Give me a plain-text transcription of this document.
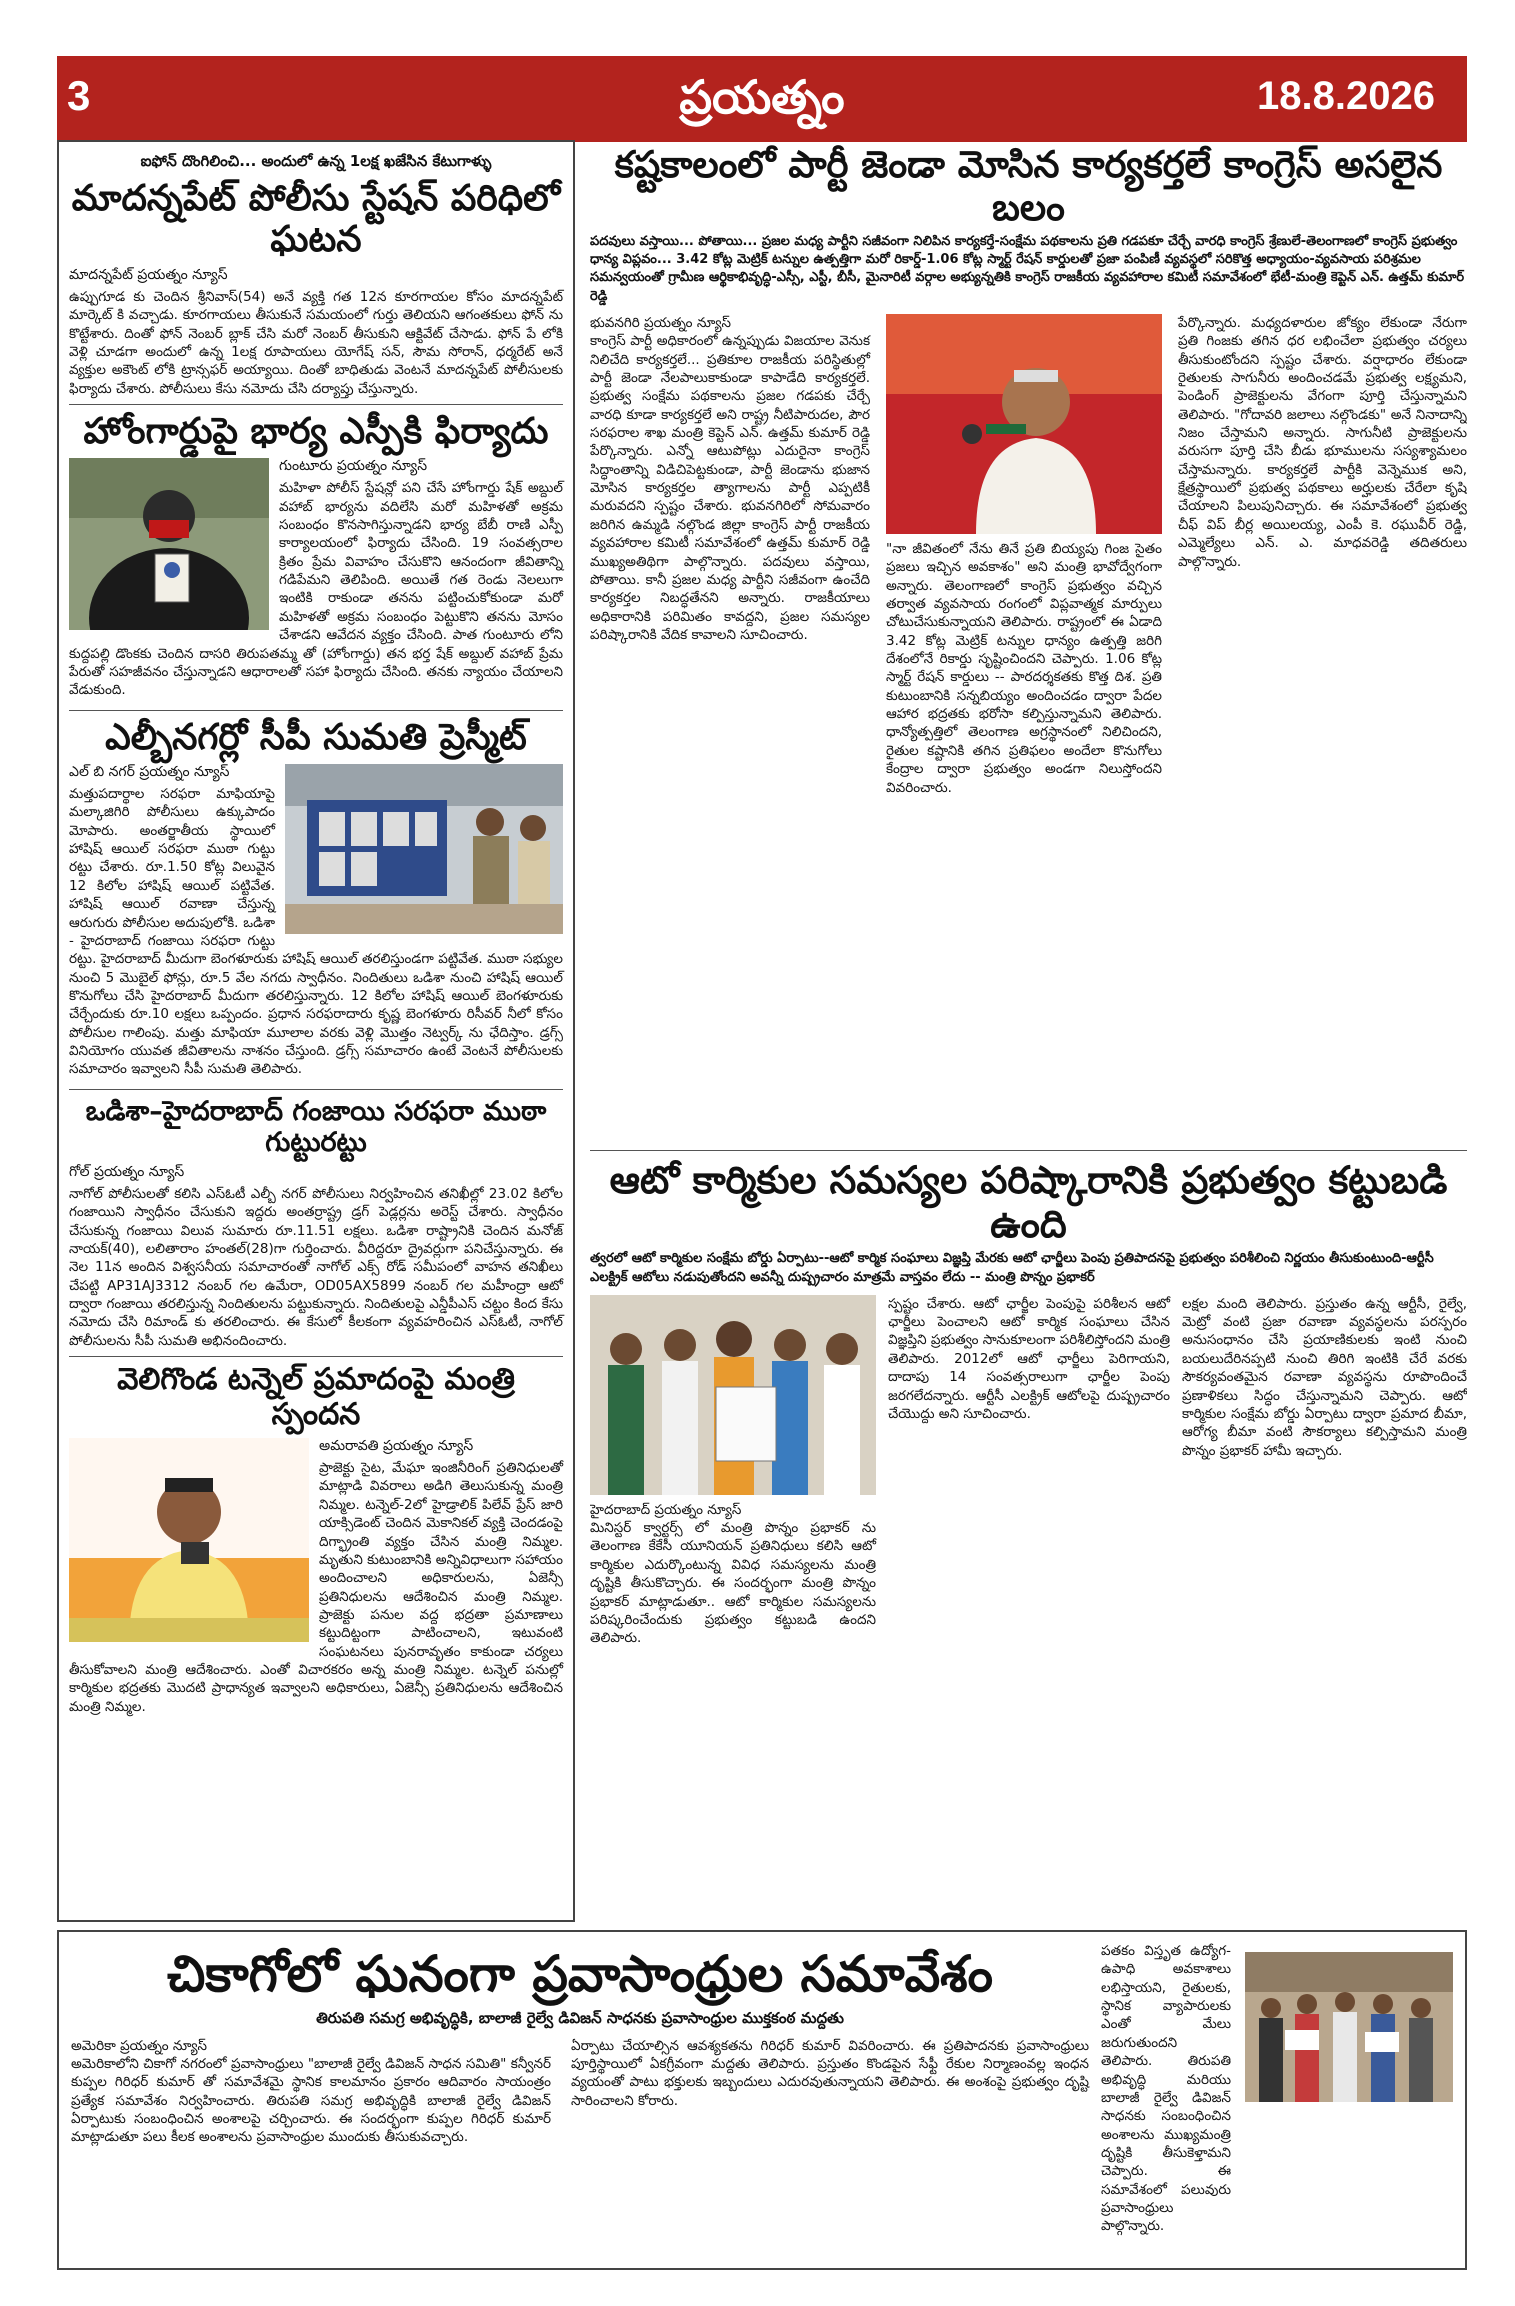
3	ప్రయత్నం	18.8.2026
ఐఫోన్ దొంగిలించి... అందులో ఉన్న 1లక్ష ఖజేసిన కేటుగాళ్ళు
మాదన్నపేట్ పోలీసు స్టేషన్ పరిధిలో ఘటన
మాదన్నపేట్ ప్రయత్నం న్యూస్

ఉప్పుగూడ కు చెందిన శ్రీనివాస్(54) అనే వ్యక్తి గత 12న కూరగాయల కోసం మాదన్నపేట్ మార్కెట్ కి వచ్చాడు. కూరగాయలు తీసుకునే సమయంలో గుర్తు తెలియని ఆగంతకులు ఫోన్ ను కొట్టేశారు. దింతో ఫోన్ నెంబర్ బ్లాక్ చేసి మరో నెంబర్ తీసుకుని ఆక్టివేట్ చేసాడు. ఫోన్ పే లోకి వెళ్లి చూడగా అందులో ఉన్న 1లక్ష రూపాయలు యోగేష్ సన్, సౌమ సోరాన్, ధర్మరేట్ అనే వ్యక్తుల అకౌంట్ లోకి ట్రాన్సఫర్ అయ్యాయి. దింతో బాధితుడు వెంటనే మాదన్నపేట్ పోలీసులకు ఫిర్యాదు చేశారు. పోలీసులు కేసు నమోదు చేసి దర్యాప్తు చేస్తున్నారు.

హోంగార్డుపై భార్య ఎస్పీకి ఫిర్యాదు
గుంటూరు ప్రయత్నం న్యూస్

మహిళా పోలీస్ స్టేషన్లో పని చేసే హోంగార్డు షేక్ అబ్దుల్ వహాబ్ భార్యను వదిలేసి మరో మహిళతో అక్రమ సంబంధం కొనసాగిస్తున్నాడని భార్య బేబీ రాణి ఎస్పీ కార్యాలయంలో ఫిర్యాదు చేసింది. 19 సంవత్సరాల క్రితం ప్రేమ వివాహం చేసుకొని ఆనందంగా జీవితాన్ని గడిపేమని తెలిపింది. అయితే గత రెండు నెలలుగా ఇంటికి రాకుండా తనను పట్టించుకోకుండా మరో మహిళతో అక్రమ సంబంధం పెట్టుకొని తనను మోసం చేశాడని ఆవేదన వ్యక్తం చేసింది. పాత గుంటూరు లోని కుద్దపల్లి డొంకకు చెందిన దాసరి తిరుపతమ్మ తో (హోంగార్డు) తన భర్త షేక్ అబ్దుల్ వహాబ్ ప్రేమ పేరుతో సహజీవనం చేస్తున్నాడని ఆధారాలతో సహా ఫిర్యాదు చేసింది. తనకు న్యాయం చేయాలని వేడుకుంది.

ఎల్బీనగర్లో సీపీ సుమతి ప్రెస్మీట్
ఎల్ బి నగర్ ప్రయత్నం న్యూస్

మత్తుపదార్థాల సరఫరా మాఫియాపై మల్కాజిగిరి పోలీసులు ఉక్కుపాదం మోపారు. అంతర్జాతీయ స్థాయిలో హాషిష్ ఆయిల్ సరఫరా ముఠా గుట్టు రట్టు చేశారు. రూ.1.50 కోట్ల విలువైన 12 కిలోల హాషిష్ ఆయిల్ పట్టివేత. హాషిష్ ఆయిల్ రవాణా చేస్తున్న ఆరుగురు పోలీసుల అదుపులోకి. ఒడిశా - హైదరాబాద్ గంజాయి సరఫరా గుట్టు రట్టు. హైదరాబాద్ మీదుగా బెంగళూరుకు హాషిష్ ఆయిల్ తరలిస్తుండగా పట్టివేత. ముఠా సభ్యుల నుంచి 5 మొబైల్ ఫోన్లు, రూ.5 వేల నగదు స్వాధీనం. నిందితులు ఒడిశా నుంచి హాషిష్ ఆయిల్ కొనుగోలు చేసి హైదరాబాద్ మీదుగా తరలిస్తున్నారు. 12 కిలోల హాషిష్ ఆయిల్ బెంగళూరుకు చేర్చేందుకు రూ.10 లక్షలు ఒప్పందం. ప్రధాన సరఫరాదారు కృష్ణ బెంగళూరు రిసీవర్ నీలో కోసం పోలీసుల గాలింపు. మత్తు మాఫియా మూలాల వరకు వెళ్లి మొత్తం నెట్వర్క్ ను ఛేదిస్తాం. డ్రగ్స్ వినియోగం యువత జీవితాలను నాశనం చేస్తుంది. డ్రగ్స్ సమాచారం ఉంటే వెంటనే పోలీసులకు సమాచారం ఇవ్వాలని సీపీ సుమతి తెలిపారు.

ఒడిశా–హైదరాబాద్ గంజాయి సరఫరా ముఠా గుట్టురట్టు
గోల్ ప్రయత్నం న్యూస్

నాగోల్ పోలీసులతో కలిసి ఎస్ఓటీ ఎల్బీ నగర్ పోలీసులు నిర్వహించిన తనిఖీల్లో 23.02 కిలోల గంజాయిని స్వాధీనం చేసుకుని ఇద్దరు అంతర్రాష్ట్ర డ్రగ్ పెడ్లర్లను అరెస్ట్ చేశారు. స్వాధీనం చేసుకున్న గంజాయి విలువ సుమారు రూ.11.51 లక్షలు. ఒడిశా రాష్ట్రానికి చెందిన మనోజ్ నాయక్(40), లలితారాం హంతల్(28)గా గుర్తించారు. వీరిద్దరూ ద్రైవర్లుగా పనిచేస్తున్నారు. ఈ నెల 11న అందిన విశ్వసనీయ సమాచారంతో నాగోల్ ఎక్స్ రోడ్ సమీపంలో వాహన తనిఖీలు చేపట్టి AP31AJ3312 నంబర్ గల ఉమేరా, OD05AX5899 నంబర్ గల మహీంద్రా ఆటో ద్వారా గంజాయి తరలిస్తున్న నిందితులను పట్టుకున్నారు. నిందితులపై ఎన్డీపీఎస్ చట్టం కింద కేసు నమోదు చేసి రిమాండ్ కు తరలించారు. ఈ కేసులో కీలకంగా వ్యవహరించిన ఎస్ఓటీ, నాగోల్ పోలీసులను సీపీ సుమతి అభినందించారు.

వెలిగొండ టన్నెల్ ప్రమాదంపై మంత్రి స్పందన
అమరావతి ప్రయత్నం న్యూస్

ప్రాజెక్టు సైట, మేఘా ఇంజినీరింగ్ ప్రతినిధులతో మాట్లాడి వివరాలు అడిగి తెలుసుకున్న మంత్రి నిమ్మల. టన్నెల్-2లో హైడ్రాలిక్ పిలేవ్ ప్రేస్ జారి యాక్సిడెంట్ చెందిన మెకానికల్ వ్యక్తి చెందడంపై దిగ్భ్రాంతి వ్యక్తం చేసిన మంత్రి నిమ్మల. మృతుని కుటుంబానికి అన్నివిధాలుగా సహాయం అందించాలని అధికారులను, ఏజెన్సీ ప్రతినిధులను ఆదేశించిన మంత్రి నిమ్మల. ప్రాజెక్టు పనుల వద్ద భద్రతా ప్రమాణాలు కట్టుదిట్టంగా పాటించాలని, ఇటువంటి సంఘటనలు పునరావృతం కాకుండా చర్యలు తీసుకోవాలని మంత్రి ఆదేశించారు. ఎంతో విచారకరం అన్న మంత్రి నిమ్మల. టన్నెల్ పనుల్లో కార్మికుల భద్రతకు మొదటి ప్రాధాన్యత ఇవ్వాలని అధికారులు, ఏజెన్సీ ప్రతినిధులను ఆదేశించిన మంత్రి నిమ్మల.

కష్టకాలంలో పార్టీ జెండా మోసిన కార్యకర్తలే కాంగ్రెస్ అసలైన బలం
పదవులు వస్తాయి... పోతాయి... ప్రజల మధ్య పార్టీని సజీవంగా నిలిపిన కార్యకర్తే-సంక్షేమ పథకాలను ప్రతి గడపకూ చేర్చే వారధి కాంగ్రెస్ శ్రేణులే-తెలంగాణలో కాంగ్రెస్ ప్రభుత్వం ధాన్య విప్లవం... 3.42 కోట్ల మెట్రిక్ టన్నుల ఉత్పత్తిగా మరో రికార్డ్-1.06 కోట్ల స్మార్ట్ రేషన్ కార్డులతో ప్రజా పంపిణీ వ్యవస్థలో సరికొత్త అధ్యాయం-వ్యవసాయ పరిశ్రమల సమన్వయంతో గ్రామీణ ఆర్థికాభివృద్ధి-ఎస్సీ, ఎస్టీ, బీసీ, మైనారిటీ వర్గాల అభ్యున్నతికి కాంగ్రెస్ రాజకీయ వ్యవహారాల కమిటీ సమావేశంలో భేటీ-మంత్రి కెప్టెన్ ఎన్. ఉత్తమ్ కుమార్ రెడ్డి

భువనగిరి ప్రయత్నం న్యూస్
కాంగ్రెస్ పార్టీ అధికారంలో ఉన్నప్పుడు విజయాల వెనుక నిలిచేది కార్యకర్తలే... ప్రతికూల రాజకీయ పరిస్థితుల్లో పార్టీ జెండా నేలపాలుకాకుండా కాపాడేది కార్యకర్తలే. ప్రభుత్వ సంక్షేమ పథకాలను ప్రజల గడపకు చేర్చే వారధి కూడా కార్యకర్తలే అని రాష్ట్ర నీటిపారుదల, పౌర సరఫరాల శాఖ మంత్రి కెప్టెన్ ఎన్. ఉత్తమ్ కుమార్ రెడ్డి పేర్కొన్నారు. ఎన్నో ఆటుపోట్లు ఎదురైనా కాంగ్రెస్ సిద్ధాంతాన్ని విడిచిపెట్టకుండా, పార్టీ జెండాను భుజాన మోసిన కార్యకర్తల త్యాగాలను పార్టీ ఎప్పటికీ మరువదని స్పష్టం చేశారు. భువనగిరిలో సోమవారం జరిగిన ఉమ్మడి నల్గొండ జిల్లా కాంగ్రెస్ పార్టీ రాజకీయ వ్యవహారాల కమిటీ సమావేశంలో ఉత్తమ్ కుమార్ రెడ్డి ముఖ్యఅతిథిగా పాల్గొన్నారు. పదవులు వస్తాయి, పోతాయి. కానీ ప్రజల మధ్య పార్టీని సజీవంగా ఉంచేది కార్యకర్తల నిబద్ధతేనని అన్నారు. రాజకీయాలు అధికారానికి పరిమితం కావద్దని, ప్రజల సమస్యల పరిష్కారానికి వేదిక కావాలని సూచించారు.

"నా జీవితంలో నేను తినే ప్రతి బియ్యపు గింజ సైతం ప్రజలు ఇచ్చిన అవకాశం" అని మంత్రి భావోద్వేగంగా అన్నారు. తెలంగాణలో కాంగ్రెస్ ప్రభుత్వం వచ్చిన తర్వాత వ్యవసాయ రంగంలో విప్లవాత్మక మార్పులు చోటుచేసుకున్నాయని తెలిపారు. రాష్ట్రంలో ఈ ఏడాది 3.42 కోట్ల మెట్రిక్ టన్నుల ధాన్యం ఉత్పత్తి జరిగి దేశంలోనే రికార్డు సృష్టించిందని చెప్పారు. 1.06 కోట్ల స్మార్ట్ రేషన్ కార్డులు -- పారదర్శకతకు కొత్త దిశ. ప్రతి కుటుంబానికి సన్నబియ్యం అందించడం ద్వారా పేదల ఆహార భద్రతకు భరోసా కల్పిస్తున్నామని తెలిపారు. ధాన్యోత్పత్తిలో తెలంగాణ అగ్రస్థానంలో నిలిచిందని, రైతుల కష్టానికి తగిన ప్రతిఫలం అందేలా కొనుగోలు కేంద్రాల ద్వారా ప్రభుత్వం అండగా నిలుస్తోందని వివరించారు.

పేర్కొన్నారు. మధ్యదళారుల జోక్యం లేకుండా నేరుగా ప్రతి గింజకు తగిన ధర లభించేలా ప్రభుత్వం చర్యలు తీసుకుంటోందని స్పష్టం చేశారు. వర్షాధారం లేకుండా రైతులకు సాగునీరు అందించడమే ప్రభుత్వ లక్ష్యమని, పెండింగ్ ప్రాజెక్టులను వేగంగా పూర్తి చేస్తున్నామని తెలిపారు. "గోదావరి జలాలు నల్గొండకు" అనే నినాదాన్ని నిజం చేస్తామని అన్నారు. సాగునీటి ప్రాజెక్టులను వరుసగా పూర్తి చేసి బీడు భూములను సస్యశ్యామలం చేస్తామన్నారు. కార్యకర్తలే పార్టీకి వెన్నెముక అని, క్షేత్రస్థాయిలో ప్రభుత్వ పథకాలు అర్హులకు చేరేలా కృషి చేయాలని పిలుపునిచ్చారు. ఈ సమావేశంలో ప్రభుత్వ చీఫ్ విప్ బీర్ల అయిలయ్య, ఎంపీ కె. రఘువీర్ రెడ్డి, ఎమ్మెల్యేలు ఎన్. ఎ. మాధవరెడ్డి తదితరులు పాల్గొన్నారు.

ఆటో కార్మికుల సమస్యల పరిష్కారానికి ప్రభుత్వం కట్టుబడి ఉంది
త్వరలో ఆటో కార్మికుల సంక్షేమ బోర్డు ఏర్పాటు--ఆటో కార్మిక సంఘాలు విజ్ఞప్తి మేరకు ఆటో ఛార్జీలు పెంపు ప్రతిపాదనపై ప్రభుత్వం పరిశీలించి నిర్ణయం తీసుకుంటుంది-ఆర్టీసీ ఎలక్ట్రిక్ ఆటోలు నడుపుతోందని అవన్నీ దుష్ప్రచారం మాత్రమే వాస్తవం లేదు -- మంత్రి పొన్నం ప్రభాకర్

హైదరాబాద్ ప్రయత్నం న్యూస్
మినిస్టర్ క్వార్టర్స్ లో మంత్రి పొన్నం ప్రభాకర్ ను తెలంగాణ కేకేసీ యూనియన్ ప్రతినిధులు కలిసి ఆటో కార్మికుల ఎదుర్కొంటున్న వివిధ సమస్యలను మంత్రి దృష్టికి తీసుకొచ్చారు. ఈ సందర్భంగా మంత్రి పొన్నం ప్రభాకర్ మాట్లాడుతూ.. ఆటో కార్మికుల సమస్యలను పరిష్కరించేందుకు ప్రభుత్వం కట్టుబడి ఉందని తెలిపారు.

స్పష్టం చేశారు. ఆటో ఛార్జీల పెంపుపై పరిశీలన ఆటో ఛార్జీలు పెంచాలని ఆటో కార్మిక సంఘాలు చేసిన విజ్ఞప్తిని ప్రభుత్వం సానుకూలంగా పరిశీలిస్తోందని మంత్రి తెలిపారు. 2012లో ఆటో ఛార్జీలు పెరిగాయని, దాదాపు 14 సంవత్సరాలుగా ఛార్జీల పెంపు జరగలేదన్నారు. ఆర్టీసీ ఎలక్ట్రిక్ ఆటోలపై దుష్ప్రచారం చేయొద్దు అని సూచించారు.

లక్షల మంది తెలిపారు. ప్రస్తుతం ఉన్న ఆర్టీసీ, రైల్వే, మెట్రో వంటి ప్రజా రవాణా వ్యవస్థలను పరస్పరం అనుసంధానం చేసి ప్రయాణికులకు ఇంటి నుంచి బయలుదేరినప్పటి నుంచి తిరిగి ఇంటికి చేరే వరకు సౌకర్యవంతమైన రవాణా వ్యవస్థను రూపొందించే ప్రణాళికలు సిద్ధం చేస్తున్నామని చెప్పారు. ఆటో కార్మికుల సంక్షేమ బోర్డు ఏర్పాటు ద్వారా ప్రమాద బీమా, ఆరోగ్య బీమా వంటి సౌకర్యాలు కల్పిస్తామని మంత్రి పొన్నం ప్రభాకర్ హామీ ఇచ్చారు.

చికాగోలో ఘనంగా ప్రవాసాంధ్రుల సమావేశం
తిరుపతి సమగ్ర అభివృద్ధికి, బాలాజీ రైల్వే డివిజన్ సాధనకు ప్రవాసాంధ్రుల ముక్తకంఠ మద్దతు

అమెరికా ప్రయత్నం న్యూస్
అమెరికాలోని చికాగో నగరంలో ప్రవాసాంధ్రులు "బాలాజీ రైల్వే డివిజన్ సాధన సమితి" కన్వీనర్ కుప్పల గిరిధర్ కుమార్ తో సమావేశమై స్థానిక కాలమానం ప్రకారం ఆదివారం సాయంత్రం ప్రత్యేక సమావేశం నిర్వహించారు. తిరుపతి సమగ్ర అభివృద్ధికి బాలాజీ రైల్వే డివిజన్ ఏర్పాటుకు సంబంధించిన అంశాలపై చర్చించారు. ఈ సందర్భంగా కుప్పల గిరిధర్ కుమార్ మాట్లాడుతూ పలు కీలక అంశాలను ప్రవాసాంధ్రుల ముందుకు తీసుకువచ్చారు.

ఏర్పాటు చేయాల్సిన ఆవశ్యకతను గిరిధర్ కుమార్ వివరించారు. ఈ ప్రతిపాదనకు ప్రవాసాంధ్రులు పూర్తిస్థాయిలో ఏకగ్రీవంగా మద్దతు తెలిపారు. ప్రస్తుతం కొండపైన సేఫ్టీ రేకుల నిర్మాణంవల్ల ఇంధన వ్యయంతో పాటు భక్తులకు ఇబ్బందులు ఎదురవుతున్నాయని తెలిపారు. ఈ అంశంపై ప్రభుత్వం దృష్టి సారించాలని కోరారు.

పతకం విస్తృత ఉద్యోగ-ఉపాధి అవకాశాలు లభిస్తాయని, రైతులకు, స్థానిక వ్యాపారులకు ఎంతో మేలు జరుగుతుందని తెలిపారు. తిరుపతి అభివృద్ధి మరియు బాలాజీ రైల్వే డివిజన్ సాధనకు సంబంధించిన అంశాలను ముఖ్యమంత్రి దృష్టికి తీసుకెళ్తామని చెప్పారు. ఈ సమావేశంలో పలువురు ప్రవాసాంధ్రులు పాల్గొన్నారు.
